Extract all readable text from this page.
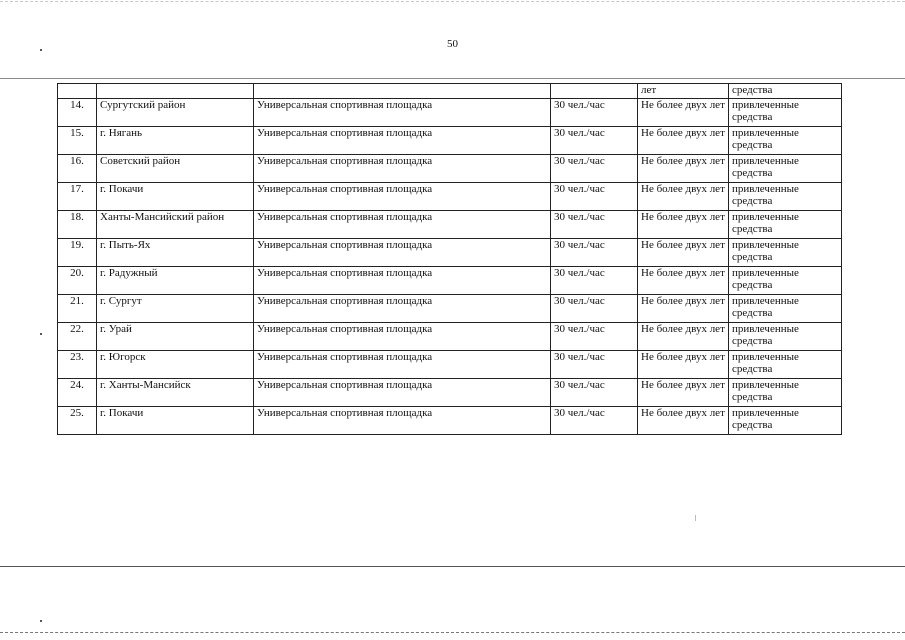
50
				лет	средства
14.	Сургутский район	Универсальная спортивная площадка	30 чел./час	Не более двух лет	привлеченные средства
15.	г. Нягань	Универсальная спортивная площадка	30 чел./час	Не более двух лет	привлеченные средства
16.	Советский район	Универсальная спортивная площадка	30 чел./час	Не более двух лет	привлеченные средства
17.	г. Покачи	Универсальная спортивная площадка	30 чел./час	Не более двух лет	привлеченные средства
18.	Ханты-Мансийский район	Универсальная спортивная площадка	30 чел./час	Не более двух лет	привлеченные средства
19.	г. Пыть-Ях	Универсальная спортивная площадка	30 чел./час	Не более двух лет	привлеченные средства
20.	г. Радужный	Универсальная спортивная площадка	30 чел./час	Не более двух лет	привлеченные средства
21.	г. Сургут	Универсальная спортивная площадка	30 чел./час	Не более двух лет	привлеченные средства
22.	г. Урай	Универсальная спортивная площадка	30 чел./час	Не более двух лет	привлеченные средства
23.	г. Югорск	Универсальная спортивная площадка	30 чел./час	Не более двух лет	привлеченные средства
24.	г. Ханты-Мансийск	Универсальная спортивная площадка	30 чел./час	Не более двух лет	привлеченные средства
25.	г. Покачи	Универсальная спортивная площадка	30 чел./час	Не более двух лет	привлеченные средства
